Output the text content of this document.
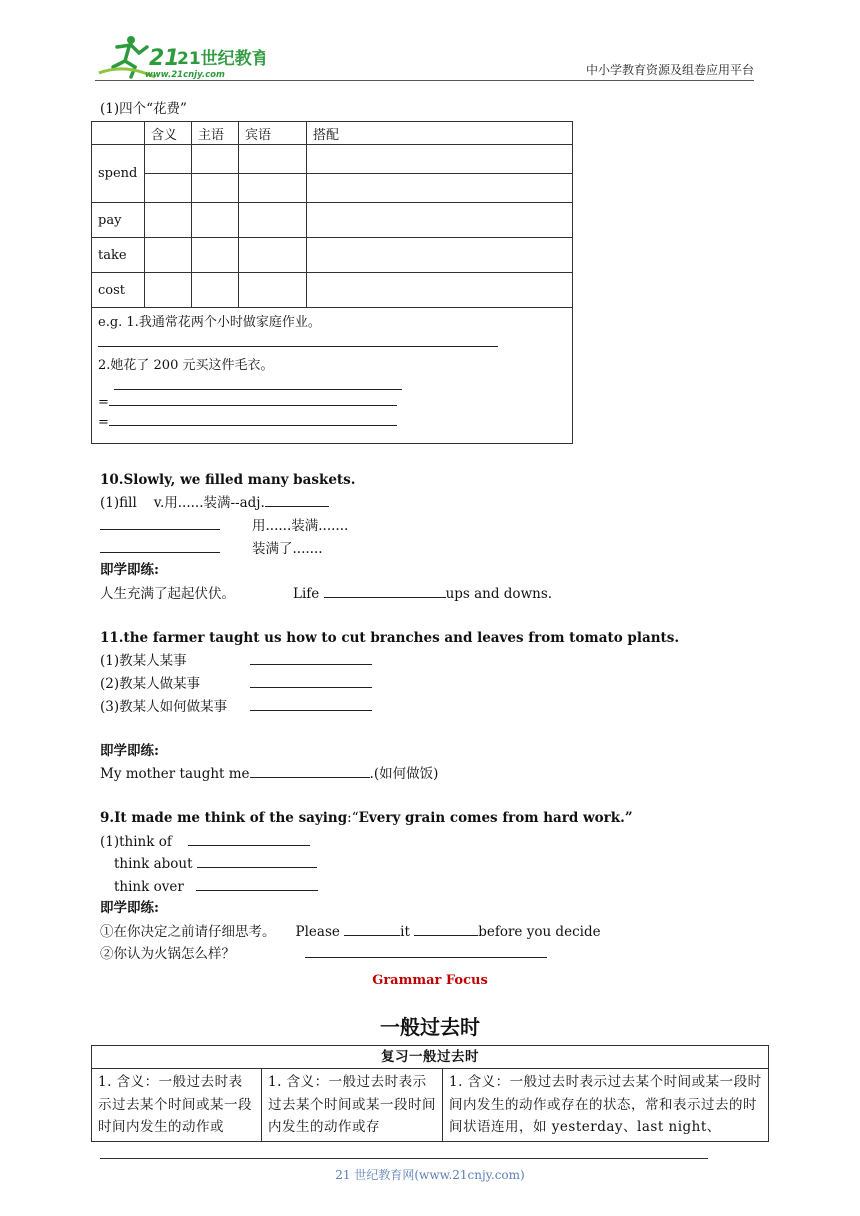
21
21世纪教育
www.21cnjy.com	中小学教育资源及组卷应用平台
(1)四个“花费”
	含义	主语	宾语	搭配
spend				

pay				
take				
cost				

e.g. 1.我通常花两个小时做家庭作业。
2.她花了 200 元买这件毛衣。
=
=				
10.Slowly, we filled many baskets.
(1)fill    v.用......装满--adj.
用......装满.......
装满了.......
即学即练:
人生充满了起起伏伏。	Life	ups and downs.
11.the farmer taught us how to cut branches and leaves from tomato plants.
(1)教某人某事
(2)教某人做某事
(3)教某人如何做某事
即学即练:
My mother taught me	.(如何做饭)
9.It made me think of the saying:“Every grain comes from hard work.”
(1)think of
think about
think over
即学即练:
①在你决定之前请仔细思考。 Please	it	before you decide
②你认为火锅怎么样？
Grammar Focus
一般过去时
复习一般过去时
1. 含义：一般过去时表示过去某个时间或某一段时间内发生的动作或	1. 含义：一般过去时表示过去某个时间或某一段时间内发生的动作或存	1. 含义：一般过去时表示过去某个时间或某一段时间内发生的动作或存在的状态，常和表示过去的时间状语连用，如 yesterday、last night、
21 世纪教育网(www.21cnjy.com)
